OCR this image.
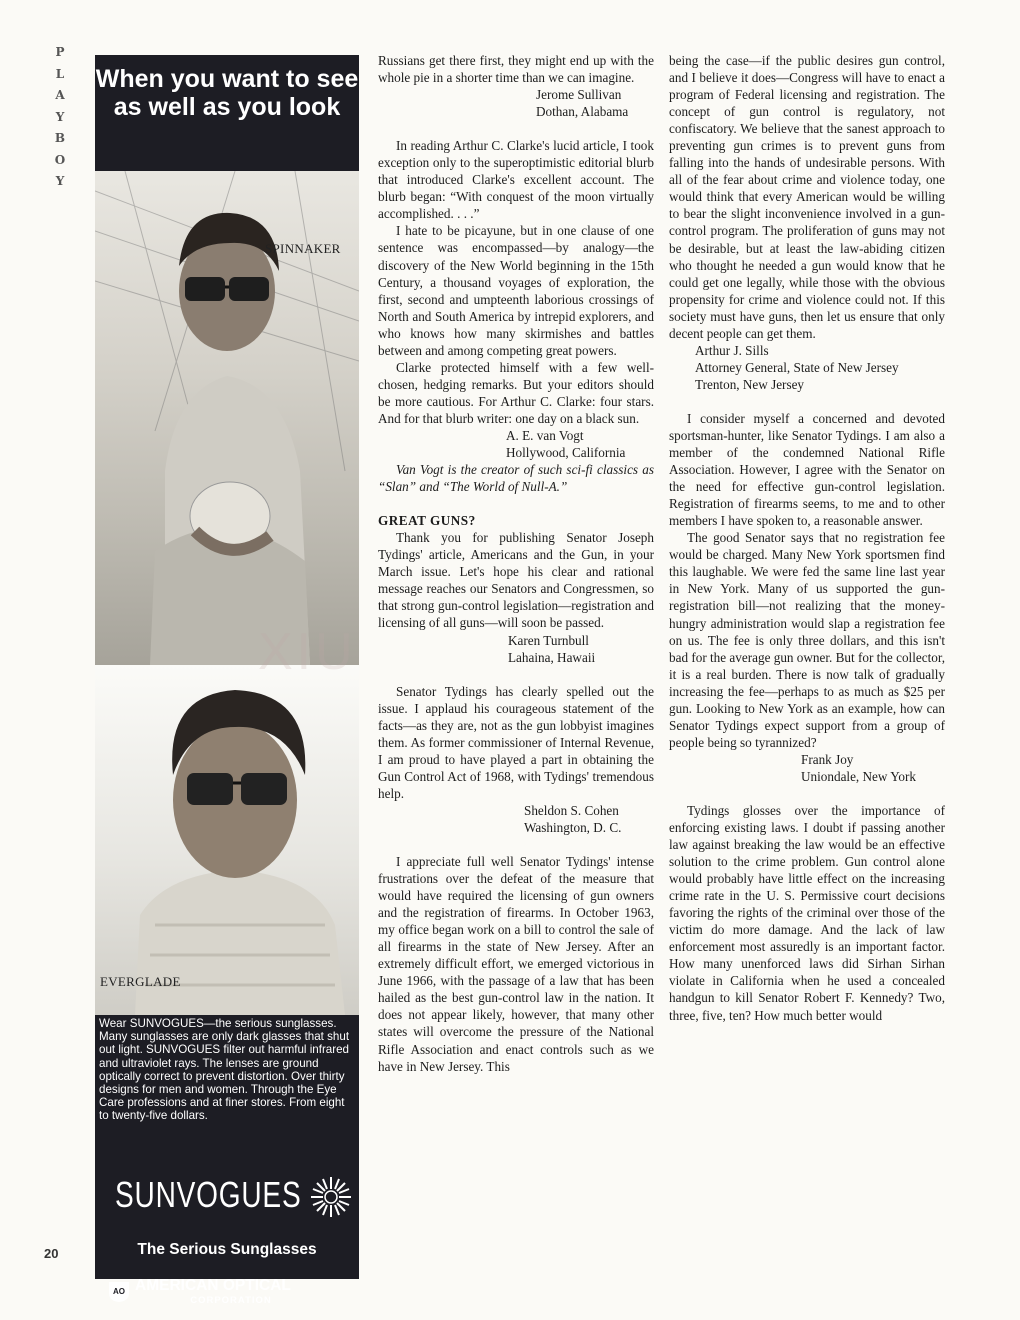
P
L
A
Y
B
O
Y
When you want to see as well as you look
SPINNAKER
EVERGLADE
Wear SUNVOGUES—the serious sunglasses. Many sunglasses are only dark glasses that shut out light. SUNVOGUES filter out harmful infrared and ultraviolet rays. The lenses are ground optically correct to prevent distortion. Over thirty designs for men and women. Through the Eye Care professions and at finer stores. From eight to twenty-five dollars.
SUNVOGUES
The Serious Sunglasses
AO AMERICAN OPTICAL
CORPORATION
XIU

Russians get there first, they might end up with the whole pie in a shorter time than we can imagine.

Jerome Sullivan
Dothan, Alabama

In reading Arthur C. Clarke's lucid article, I took exception only to the superoptimistic editorial blurb that introduced Clarke's excellent account. The blurb began: “With conquest of the moon virtually accomplished. . . .”

I hate to be picayune, but in one clause of one sentence was encompassed—by analogy—the discovery of the New World beginning in the 15th Century, a thousand voyages of exploration, the first, second and umpteenth laborious crossings of North and South America by intrepid explorers, and who knows how many skirmishes and battles between and among competing great powers.

Clarke protected himself with a few well-chosen, hedging remarks. But your editors should be more cautious. For Arthur C. Clarke: four stars. And for that blurb writer: one day on a black sun.

A. E. van Vogt
Hollywood, California

Van Vogt is the creator of such sci-fi classics as “Slan” and “The World of Null-A.”

GREAT GUNS?

Thank you for publishing Senator Joseph Tydings' article, Americans and the Gun, in your March issue. Let's hope his clear and rational message reaches our Senators and Congressmen, so that strong gun-control legislation—registration and licensing of all guns—will soon be passed.

Karen Turnbull
Lahaina, Hawaii

Senator Tydings has clearly spelled out the issue. I applaud his courageous statement of the facts—as they are, not as the gun lobbyist imagines them. As former commissioner of Internal Revenue, I am proud to have played a part in obtaining the Gun Control Act of 1968, with Tydings' tremendous help.

Sheldon S. Cohen
Washington, D. C.

I appreciate full well Senator Tydings' intense frustrations over the defeat of the measure that would have required the licensing of gun owners and the registration of firearms. In October 1963, my office began work on a bill to control the sale of all firearms in the state of New Jersey. After an extremely difficult effort, we emerged victorious in June 1966, with the passage of a law that has been hailed as the best gun-control law in the nation. It does not appear likely, however, that many other states will overcome the pressure of the National Rifle Association and enact controls such as we have in New Jersey. This

being the case—if the public desires gun control, and I believe it does—Congress will have to enact a program of Federal licensing and registration. The concept of gun control is regulatory, not confiscatory. We believe that the sanest approach to preventing gun crimes is to prevent guns from falling into the hands of undesirable persons. With all of the fear about crime and violence today, one would think that every American would be willing to bear the slight inconvenience involved in a gun-control program. The proliferation of guns may not be desirable, but at least the law-abiding citizen who thought he needed a gun would know that he could get one legally, while those with the obvious propensity for crime and violence could not. If this society must have guns, then let us ensure that only decent people can get them.

Arthur J. Sills
Attorney General, State of New Jersey
Trenton, New Jersey

I consider myself a concerned and devoted sportsman-hunter, like Senator Tydings. I am also a member of the condemned National Rifle Association. However, I agree with the Senator on the need for effective gun-control legislation. Registration of firearms seems, to me and to other members I have spoken to, a reasonable answer.

The good Senator says that no registration fee would be charged. Many New York sportsmen find this laughable. We were fed the same line last year in New York. Many of us supported the gun-registration bill—not realizing that the money-hungry administration would slap a registration fee on us. The fee is only three dollars, and this isn't bad for the average gun owner. But for the collector, it is a real burden. There is now talk of gradually increasing the fee—perhaps to as much as $25 per gun. Looking to New York as an example, how can Senator Tydings expect support from a group of people being so tyrannized?

Frank Joy
Uniondale, New York

Tydings glosses over the importance of enforcing existing laws. I doubt if passing another law against breaking the law would be an effective solution to the crime problem. Gun control alone would probably have little effect on the increasing crime rate in the U. S. Permissive court decisions favoring the rights of the criminal over those of the victim do more damage. And the lack of law enforcement most assuredly is an important factor. How many unenforced laws did Sirhan Sirhan violate in California when he used a concealed handgun to kill Senator Robert F. Kennedy? Two, three, five, ten? How much better would

20
